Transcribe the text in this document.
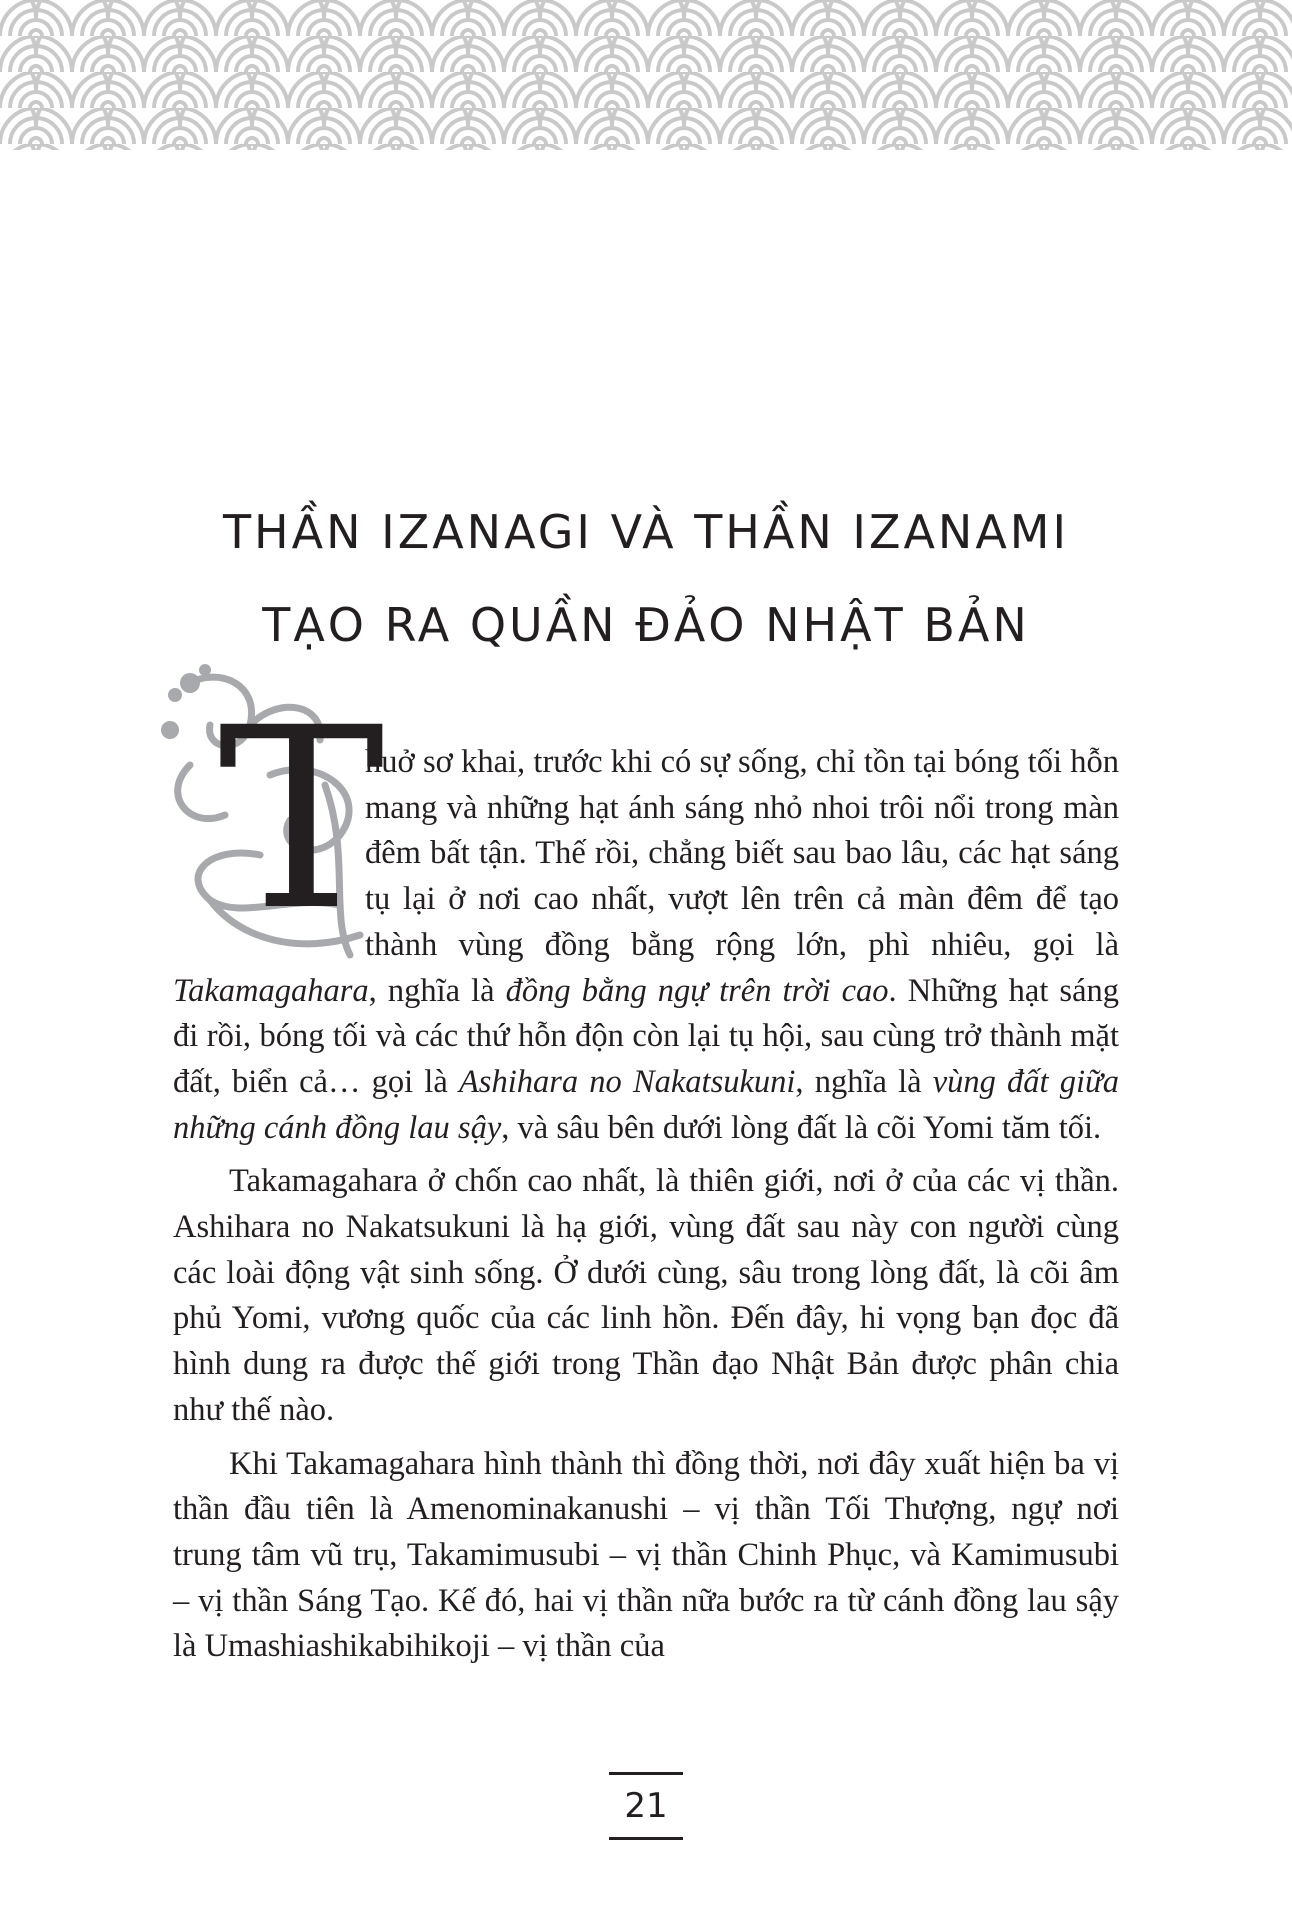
THẦN IZANAGI VÀ THẦN IZANAMI
TẠO RA QUẦN ĐẢO NHẬT BẢN
T

huở sơ khai, trước khi có sự sống, chỉ tồn tại bóng tối hỗn mang và những hạt ánh sáng nhỏ nhoi trôi nổi trong màn đêm bất tận. Thế rồi, chẳng biết sau bao lâu, các hạt sáng tụ lại ở nơi cao nhất, vượt lên trên cả màn đêm để tạo thành vùng đồng bằng rộng lớn, phì nhiêu, gọi là Takamagahara, nghĩa là đồng bằng ngự trên trời cao. Những hạt sáng đi rồi, bóng tối và các thứ hỗn độn còn lại tụ hội, sau cùng trở thành mặt đất, biển cả… gọi là Ashihara no Nakatsukuni, nghĩa là vùng đất giữa những cánh đồng lau sậy, và sâu bên dưới lòng đất là cõi Yomi tăm tối.

Takamagahara ở chốn cao nhất, là thiên giới, nơi ở của các vị thần. Ashihara no Nakatsukuni là hạ giới, vùng đất sau này con người cùng các loài động vật sinh sống. Ở dưới cùng, sâu trong lòng đất, là cõi âm phủ Yomi, vương quốc của các linh hồn. Đến đây, hi vọng bạn đọc đã hình dung ra được thế giới trong Thần đạo Nhật Bản được phân chia như thế nào.

Khi Takamagahara hình thành thì đồng thời, nơi đây xuất hiện ba vị thần đầu tiên là Amenominakanushi – vị thần Tối Thượng, ngự nơi trung tâm vũ trụ, Takamimusubi – vị thần Chinh Phục, và Kamimusubi – vị thần Sáng Tạo. Kế đó, hai vị thần nữa bước ra từ cánh đồng lau sậy là Umashiashikabihikoji – vị thần của

21
